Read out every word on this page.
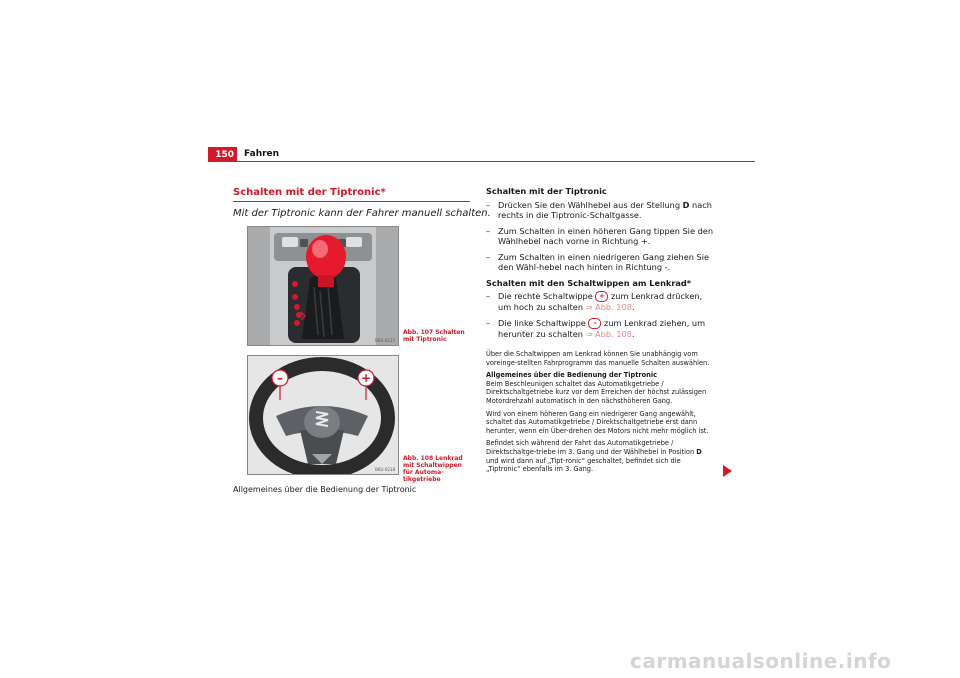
150	Fahren
Schalten mit der Tiptronic*
Mit der Tiptronic kann der Fahrer manuell schalten.
B6U-0217
Abb. 107 Schalten mit Tiptronic
–	+
B6U-0218
Abb. 108 Lenkrad mit Schaltwippen für Automa-tikgetriebe
Allgemeines über die Bedienung der Tiptronic
Schalten mit der Tiptronic
– Drücken Sie den Wählhebel aus der Stellung D nach rechts in die Tiptronic-Schaltgasse.
– Zum Schalten in einen höheren Gang tippen Sie den Wählhebel nach vorne in Richtung +.
– Zum Schalten in einen niedrigeren Gang ziehen Sie den Wähl-hebel nach hinten in Richtung -.
Schalten mit den Schaltwippen am Lenkrad*
– Die rechte Schaltwippe + zum Lenkrad drücken, um hoch zu schalten ⇒ Abb. 108.
– Die linke Schaltwippe – zum Lenkrad ziehen, um herunter zu schalten ⇒ Abb. 108.

Über die Schaltwippen am Lenkrad können Sie unabhängig vom voreinge-stellten Fahrprogramm das manuelle Schalten auswählen.

Allgemeines über die Bedienung der Tiptronic
Beim Beschleunigen schaltet das Automatikgetriebe / Direktschaltgetriebe kurz vor dem Erreichen der höchst zulässigen Motordrehzahl automatisch in den nächsthöheren Gang.

Wird von einem höheren Gang ein niedrigerer Gang angewählt, schaltet das Automatikgetriebe / Direktschaltgetriebe erst dann herunter, wenn ein Über-drehen des Motors nicht mehr möglich ist.

Befindet sich während der Fahrt das Automatikgetriebe / Direktschaltge-triebe im 3. Gang und der Wählhebel in Position D und wird dann auf „Tipt-ronic“ geschaltet, befindet sich die „Tiptronic“ ebenfalls im 3. Gang.

carmanualsonline.info
